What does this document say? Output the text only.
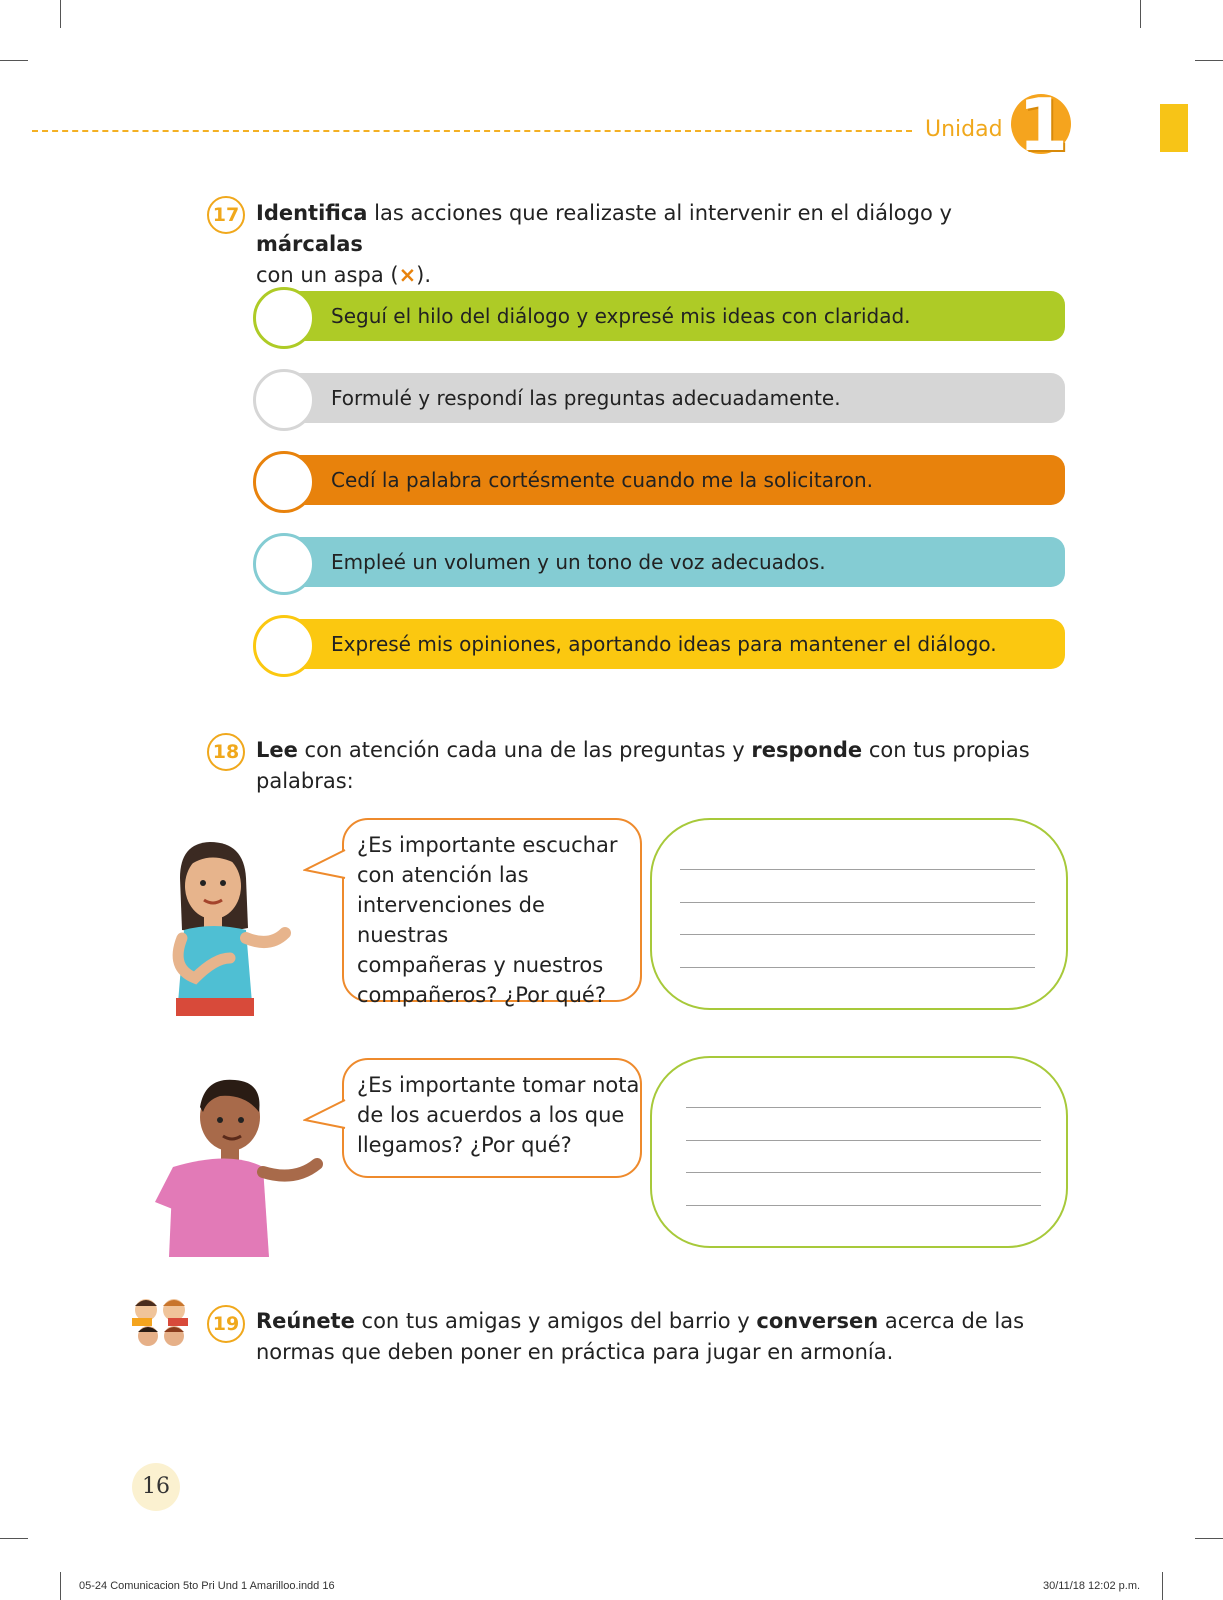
Unidad 1
17 Identifica las acciones que realizaste al intervenir en el diálogo y márcalas
con un aspa (×).
Seguí el hilo del diálogo y expresé mis ideas con claridad.
Formulé y respondí las preguntas adecuadamente.
Cedí la palabra cortésmente cuando me la solicitaron.
Empleé un volumen y un tono de voz adecuados.
Expresé mis opiniones, aportando ideas para mantener el diálogo.
18 Lee con atención cada una de las preguntas y responde con tus propias
palabras:
¿Es importante escuchar
con atención las
intervenciones de nuestras
compañeras y nuestros
compañeros? ¿Por qué?
¿Es importante tomar nota
de los acuerdos a los que
llegamos? ¿Por qué?
19 Reúnete con tus amigas y amigos del barrio y conversen acerca de las
normas que deben poner en práctica para jugar en armonía.
16
05-24 Comunicacion 5to Pri Und 1 Amarilloo.indd 16	30/11/18 12:02 p.m.
